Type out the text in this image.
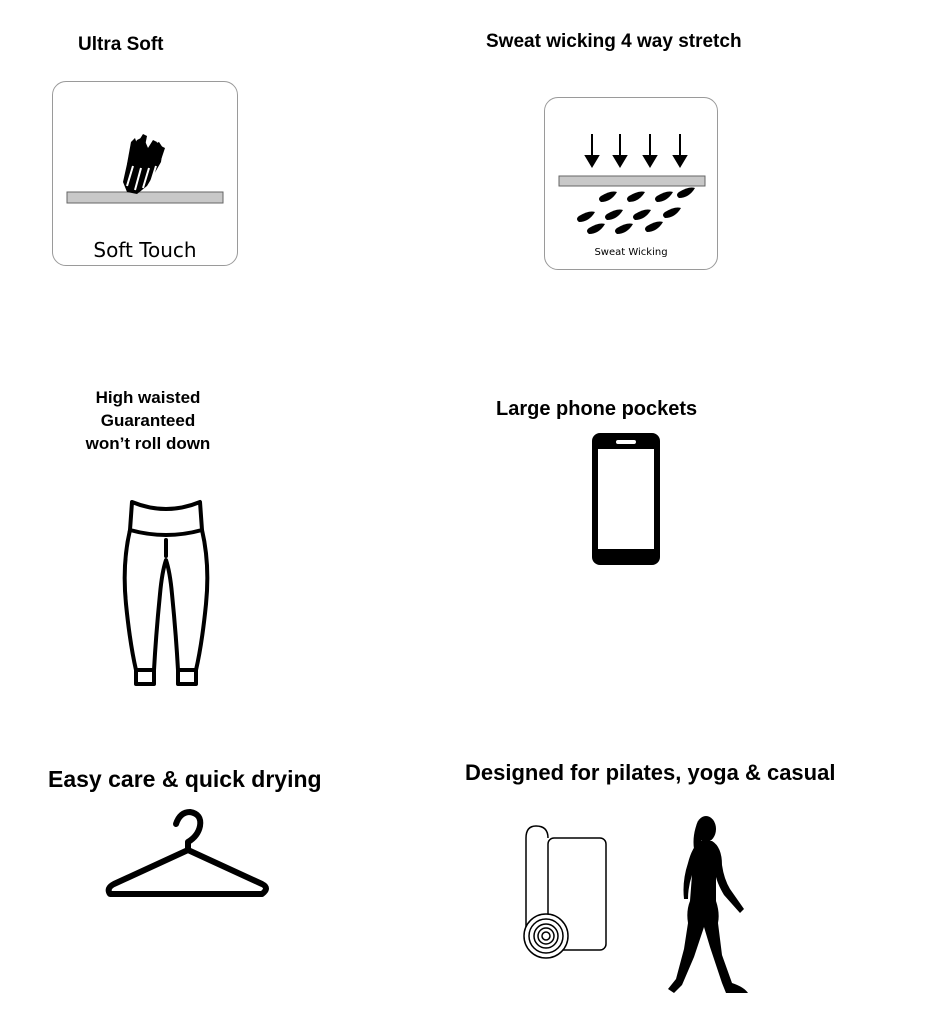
Ultra Soft
Soft Touch
Sweat wicking 4 way stretch
Sweat Wicking
High waisted
Guaranteed
won’t roll down
Large phone pockets
Easy care & quick drying	Designed for pilates, yoga & casual
